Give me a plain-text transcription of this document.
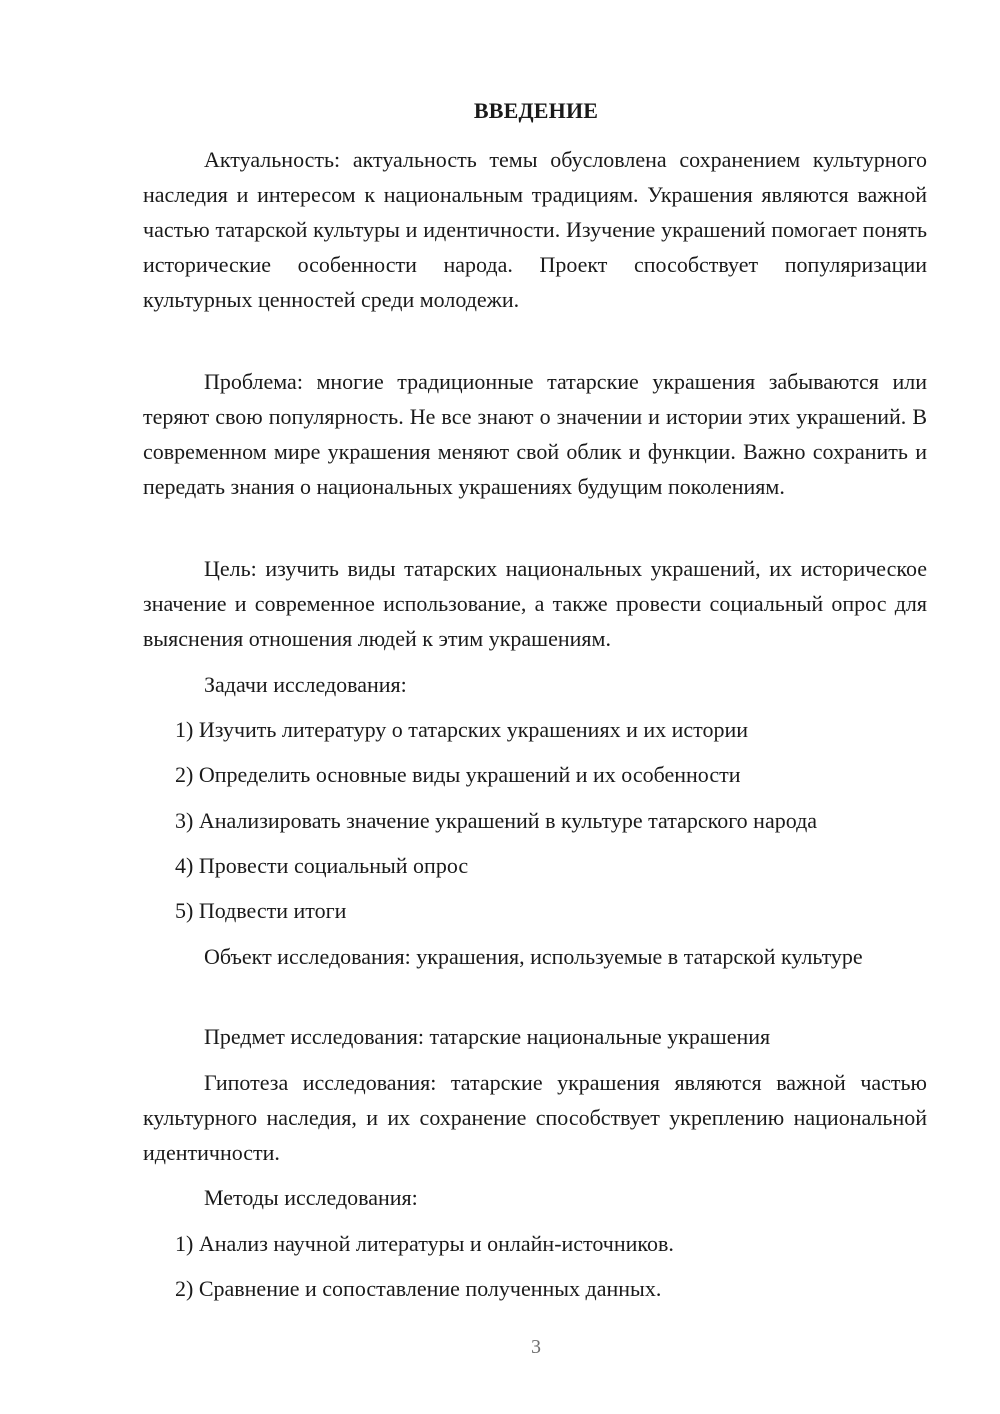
ВВЕДЕНИЕ
Актуальность: актуальность темы обусловлена сохранением культурного наследия и интересом к национальным традициям. Украшения являются важной частью татарской культуры и идентичности. Изучение украшений помогает понять исторические особенности народа. Проект способствует популяризации культурных ценностей среди молодежи.
Проблема: многие традиционные татарские украшения забываются или теряют свою популярность. Не все знают о значении и истории этих украшений. В современном мире украшения меняют свой облик и функции. Важно сохранить и передать знания о национальных украшениях будущим поколениям.
Цель: изучить виды татарских национальных украшений, их историческое значение и современное использование, а также провести социальный опрос для выяснения отношения людей к этим украшениям.
Задачи исследования:
1) Изучить литературу о татарских украшениях и их истории
2) Определить основные виды украшений и их особенности
3) Анализировать значение украшений в культуре татарского народа
4) Провести социальный опрос
5) Подвести итоги
Объект исследования: украшения, используемые в татарской культуре
Предмет исследования: татарские национальные украшения
Гипотеза исследования: татарские украшения являются важной частью культурного наследия, и их сохранение способствует укреплению национальной идентичности.
Методы исследования:
1) Анализ научной литературы и онлайн-источников.
2) Сравнение и сопоставление полученных данных.
3
